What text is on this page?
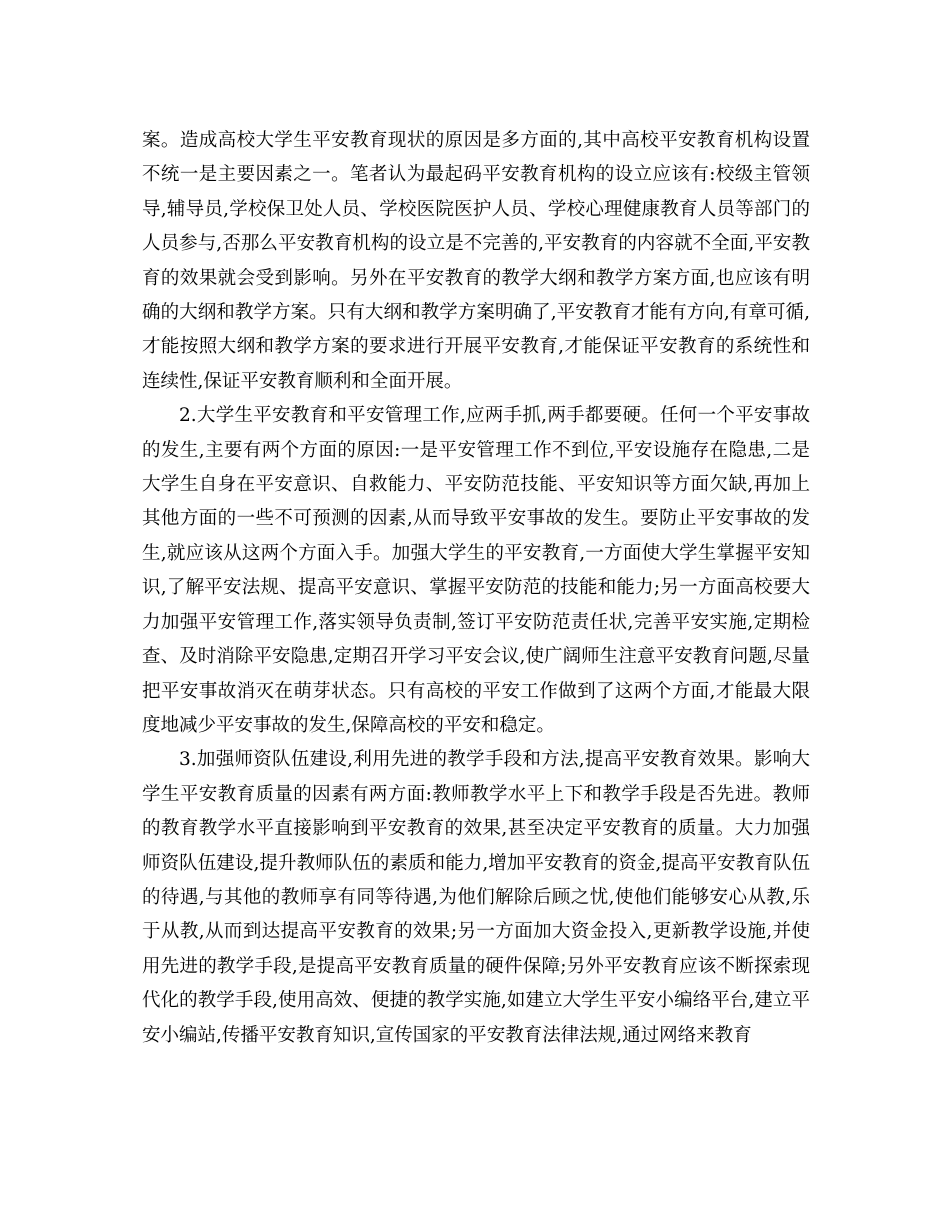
案。造成高校大学生平安教育现状的原因是多方面的,其中高校平安教育机构设置不统一是主要因素之一。笔者认为最起码平安教育机构的设立应该有:校级主管领导,辅导员,学校保卫处人员、学校医院医护人员、学校心理健康教育人员等部门的人员参与,否那么平安教育机构的设立是不完善的,平安教育的内容就不全面,平安教育的效果就会受到影响。另外在平安教育的教学大纲和教学方案方面,也应该有明确的大纲和教学方案。只有大纲和教学方案明确了,平安教育才能有方向,有章可循,才能按照大纲和教学方案的要求进行开展平安教育,才能保证平安教育的系统性和连续性,保证平安教育顺利和全面开展。

2.大学生平安教育和平安管理工作,应两手抓,两手都要硬。任何一个平安事故的发生,主要有两个方面的原因:一是平安管理工作不到位,平安设施存在隐患,二是大学生自身在平安意识、自救能力、平安防范技能、平安知识等方面欠缺,再加上其他方面的一些不可预测的因素,从而导致平安事故的发生。要防止平安事故的发生,就应该从这两个方面入手。加强大学生的平安教育,一方面使大学生掌握平安知识,了解平安法规、提高平安意识、掌握平安防范的技能和能力;另一方面高校要大力加强平安管理工作,落实领导负责制,签订平安防范责任状,完善平安实施,定期检查、及时消除平安隐患,定期召开学习平安会议,使广阔师生注意平安教育问题,尽量把平安事故消灭在萌芽状态。只有高校的平安工作做到了这两个方面,才能最大限度地减少平安事故的发生,保障高校的平安和稳定。

3.加强师资队伍建设,利用先进的教学手段和方法,提高平安教育效果。影响大学生平安教育质量的因素有两方面:教师教学水平上下和教学手段是否先进。教师的教育教学水平直接影响到平安教育的效果,甚至决定平安教育的质量。大力加强师资队伍建设,提升教师队伍的素质和能力,增加平安教育的资金,提高平安教育队伍的待遇,与其他的教师享有同等待遇,为他们解除后顾之忧,使他们能够安心从教,乐于从教,从而到达提高平安教育的效果;另一方面加大资金投入,更新教学设施,并使用先进的教学手段,是提高平安教育质量的硬件保障;另外平安教育应该不断探索现代化的教学手段,使用高效、便捷的教学实施,如建立大学生平安小编络平台,建立平安小编站,传播平安教育知识,宣传国家的平安教育法律法规,通过网络来教育
